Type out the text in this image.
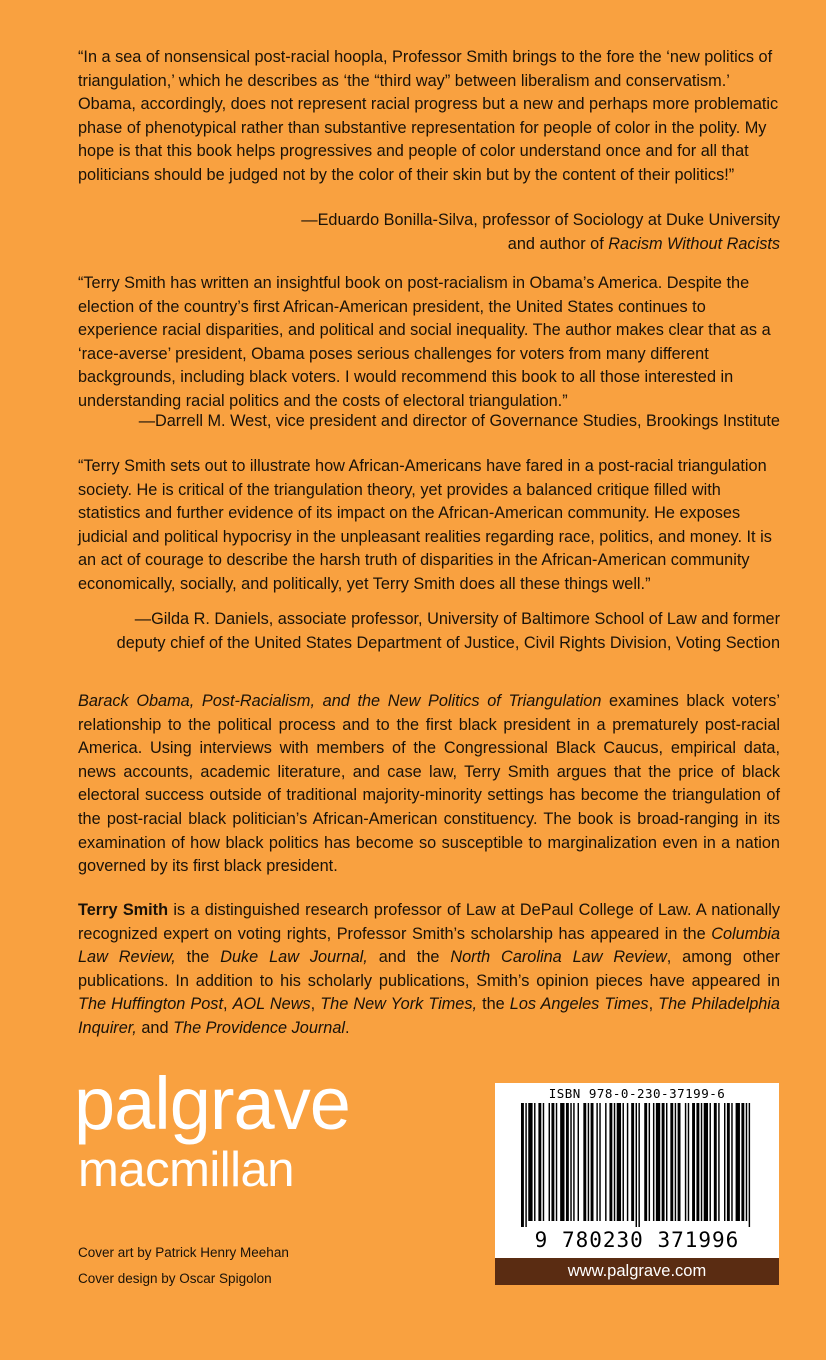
“In a sea of nonsensical post-racial hoopla, Professor Smith brings to the fore the ‘new politics of triangulation,’ which he describes as ‘the “third way” between liberalism and conservatism.’ Obama, accordingly, does not represent racial progress but a new and perhaps more problematic phase of phenotypical rather than substantive representation for people of color in the polity. My hope is that this book helps progressives and people of color understand once and for all that politicians should be judged not by the color of their skin but by the content of their politics!”
—Eduardo Bonilla-Silva, professor of Sociology at Duke University
and author of Racism Without Racists
“Terry Smith has written an insightful book on post-racialism in Obama’s America. Despite the election of the country’s first African-American president, the United States continues to experience racial disparities, and political and social inequality. The author makes clear that as a ‘race-averse’ president, Obama poses serious challenges for voters from many different backgrounds, including black voters. I would recommend this book to all those interested in understanding racial politics and the costs of electoral triangulation.”
—Darrell M. West, vice president and director of Governance Studies, Brookings Institute
“Terry Smith sets out to illustrate how African-Americans have fared in a post-racial triangulation society. He is critical of the triangulation theory, yet provides a balanced critique filled with statistics and further evidence of its impact on the African-American community. He exposes judicial and political hypocrisy in the unpleasant realities regarding race, politics, and money. It is an act of courage to describe the harsh truth of disparities in the African-American community economically, socially, and politically, yet Terry Smith does all these things well.”
—Gilda R. Daniels, associate professor, University of Baltimore School of Law and former
deputy chief of the United States Department of Justice, Civil Rights Division, Voting Section
Barack Obama, Post-Racialism, and the New Politics of Triangulation examines black voters’ relationship to the political process and to the first black president in a prematurely post-racial America. Using interviews with members of the Congressional Black Caucus, empirical data, news accounts, academic literature, and case law, Terry Smith argues that the price of black electoral success outside of traditional majority-minority settings has become the triangulation of the post-racial black politician’s African-American constituency. The book is broad-ranging in its examination of how black politics has become so susceptible to marginalization even in a nation governed by its first black president.
Terry Smith is a distinguished research professor of Law at DePaul College of Law. A nationally recognized expert on voting rights, Professor Smith’s scholarship has appeared in the Columbia Law Review, the Duke Law Journal, and the North Carolina Law Review, among other publications. In addition to his scholarly publications, Smith’s opinion pieces have appeared in The Huffington Post, AOL News, The New York Times, the Los Angeles Times, The Philadelphia Inquirer, and The Providence Journal.
palgrave
macmillan
Cover art by Patrick Henry Meehan
Cover design by Oscar Spigolon
ISBN 978-0-230-37199-6
9 780230 371996
www.palgrave.com
